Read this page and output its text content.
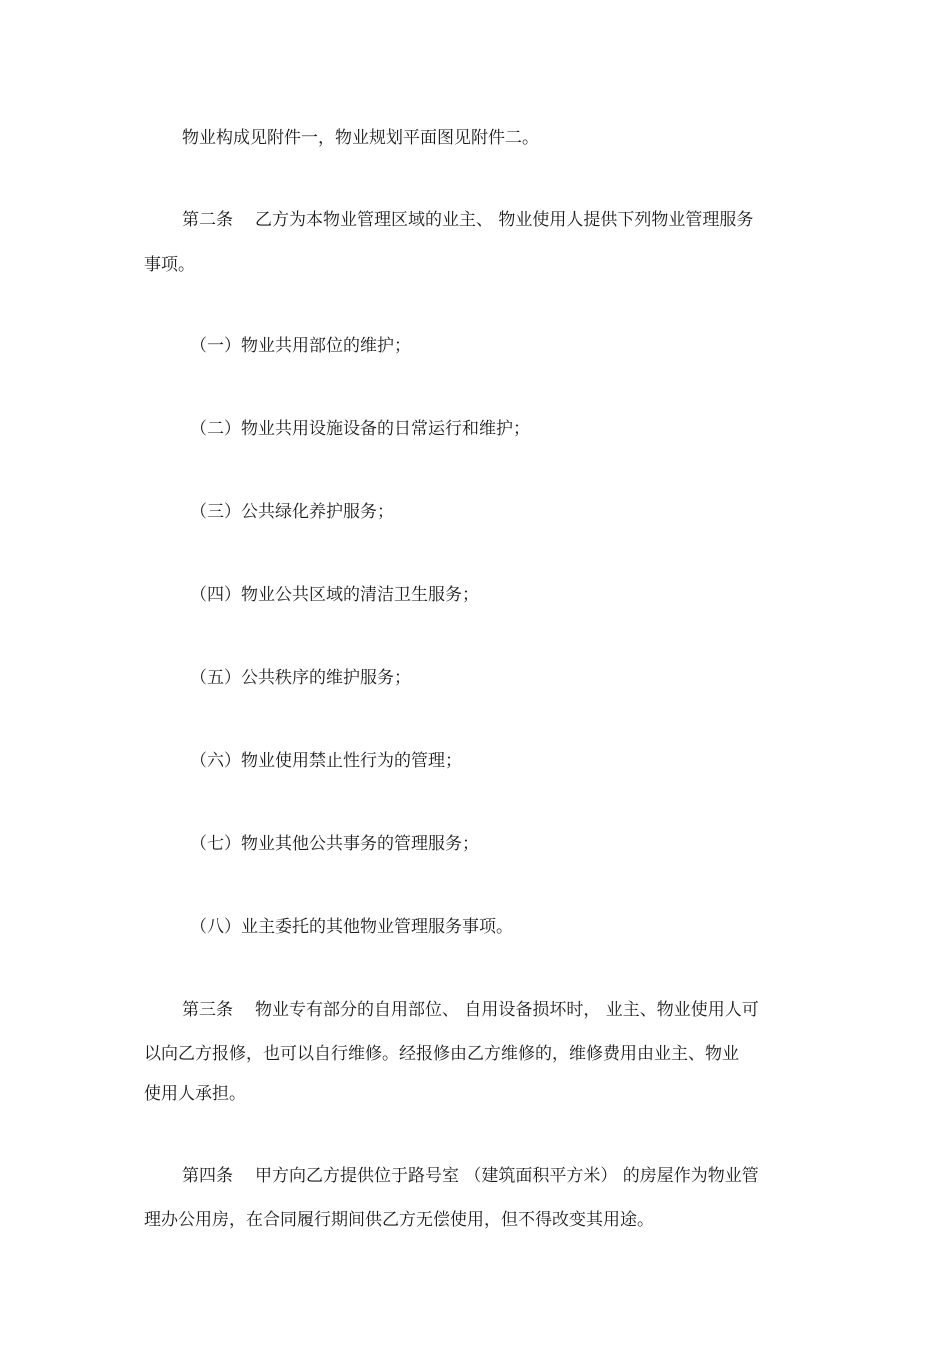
物业构成见附件一，物业规划平面图见附件二。
第二条 乙方为本物业管理区域的业主、 物业使用人提供下列物业管理服务
事项。
（一）物业共用部位的维护；
（二）物业共用设施设备的日常运行和维护；
（三）公共绿化养护服务；
（四）物业公共区域的清洁卫生服务；
（五）公共秩序的维护服务；
（六）物业使用禁止性行为的管理；
（七）物业其他公共事务的管理服务；
（八）业主委托的其他物业管理服务事项。
第三条 物业专有部分的自用部位、 自用设备损坏时， 业主、物业使用人可
以向乙方报修，也可以自行维修。经报修由乙方维修的，维修费用由业主、物业
使用人承担。
第四条 甲方向乙方提供位于路号室 （建筑面积平方米） 的房屋作为物业管
理办公用房，在合同履行期间供乙方无偿使用，但不得改变其用途。
